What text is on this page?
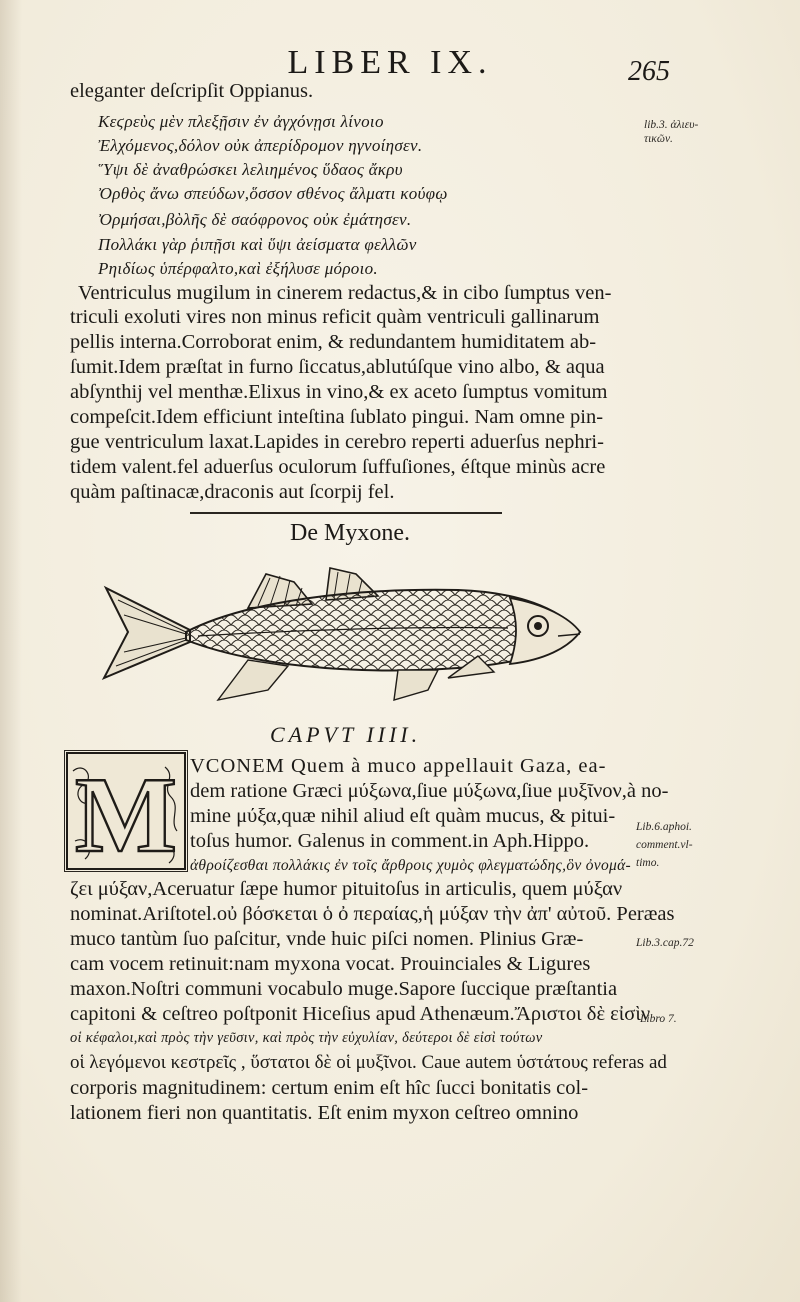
LIBER IX.	265
eleganter deſcripſit Oppianus.
Κεϛρεὺς μὲν πλεξῇσιν ἐν ἀγχόνῃσι λίνοιο
Ἐλχόμενος,δόλον οὐκ ἀπερίδρομον ηγνοίησεν.
Ὕψι δὲ ἀναθρώσκει λελιημένος ὕδαος ἄκρυ
Ὀρθὸς ἄνω σπεύδων,ὅσσον σθένος ἄλματι κούφῳ
Ὀρμήσαι,βὸλῆς δὲ σαόφρονος οὐκ ἐμάτησεν.
Πολλάκι γὰρ ῥιπῇσι καὶ ὕψι ἀείσματα φελλῶν
Ρηιδίως ὑπέρφαλτο,καὶ ἐξήλυσε μόροιο.
lib.3. ἁλιευ-
τικῶν.
Ventriculus mugilum in cinerem redactus,& in cibo ſumptus ven-
triculi exoluti vires non minus reficit quàm ventriculi gallinarum
pellis interna.Corroborat enim, & redundantem humiditatem ab-
ſumit.Idem præſtat in furno ſiccatus,ablutúſque vino albo, & aqua
abſynthij vel menthæ.Elixus in vino,& ex aceto ſumptus vomitum
compeſcit.Idem efficiunt inteſtina ſublato pingui. Nam omne pin-
gue ventriculum laxat.Lapides in cerebro reperti aduerſus nephri-
tidem valent.fel aduerſus oculorum ſuffuſiones, éſtque minùs acre
quàm paſtinacæ,draconis aut ſcorpij fel.
De Myxone.
CAPVT IIII.
M VCONEM Quem à muco appellauit Gaza, ea-
dem ratione Græci μύξωνα,ſiue μύξωνα,ſiue μυξῖνον,à no-
mine μύξα,quæ nihil aliud eſt quàm mucus, & pitui-
toſus humor. Galenus in comment.in Aph.Hippo.
ἀθροίζεσθαι πολλάκις ἐν τοῖς ἄρθροις χυμὸς φλεγματώδης,ὃν ὀνομά-
ζει μύξαν,Aceruatur ſæpe humor pituitoſus in articulis, quem μύξαν
nominat.Ariſtotel.οὐ βόσκεται ὁ ὀ περαίας,ἡ μύξαν τὴν ἀπ' αὐτοῦ. Peræas
muco tantùm ſuo paſcitur, vnde huic piſci nomen. Plinius Græ-
cam vocem retinuit:nam myxona vocat. Prouinciales & Ligures
maxon.Noſtri communi vocabulo muge.Sapore ſuccique præſtantia
capitoni & ceſtreo poſtponit Hiceſius apud Athenæum.Ἄριστοι δὲ εἰσὶν
οἱ κέφαλοι,καὶ πρὸς τὴν γεῦσιν, καὶ πρὸς τὴν εὐχυλίαν, δεύτεροι δὲ εἰσὶ τούτων
οἱ λεγόμενοι κεστρεῖς , ὕστατοι δὲ οἱ μυξῖνοι. Caue autem ὑστάτους referas ad
corporis magnitudinem: certum enim eſt hîc ſucci bonitatis col-
lationem fieri non quantitatis. Eſt enim myxon ceſtreo omnino
Lib.6.aphoi.
comment.vl-
timo.
Lib.3.cap.72
Libro 7.
